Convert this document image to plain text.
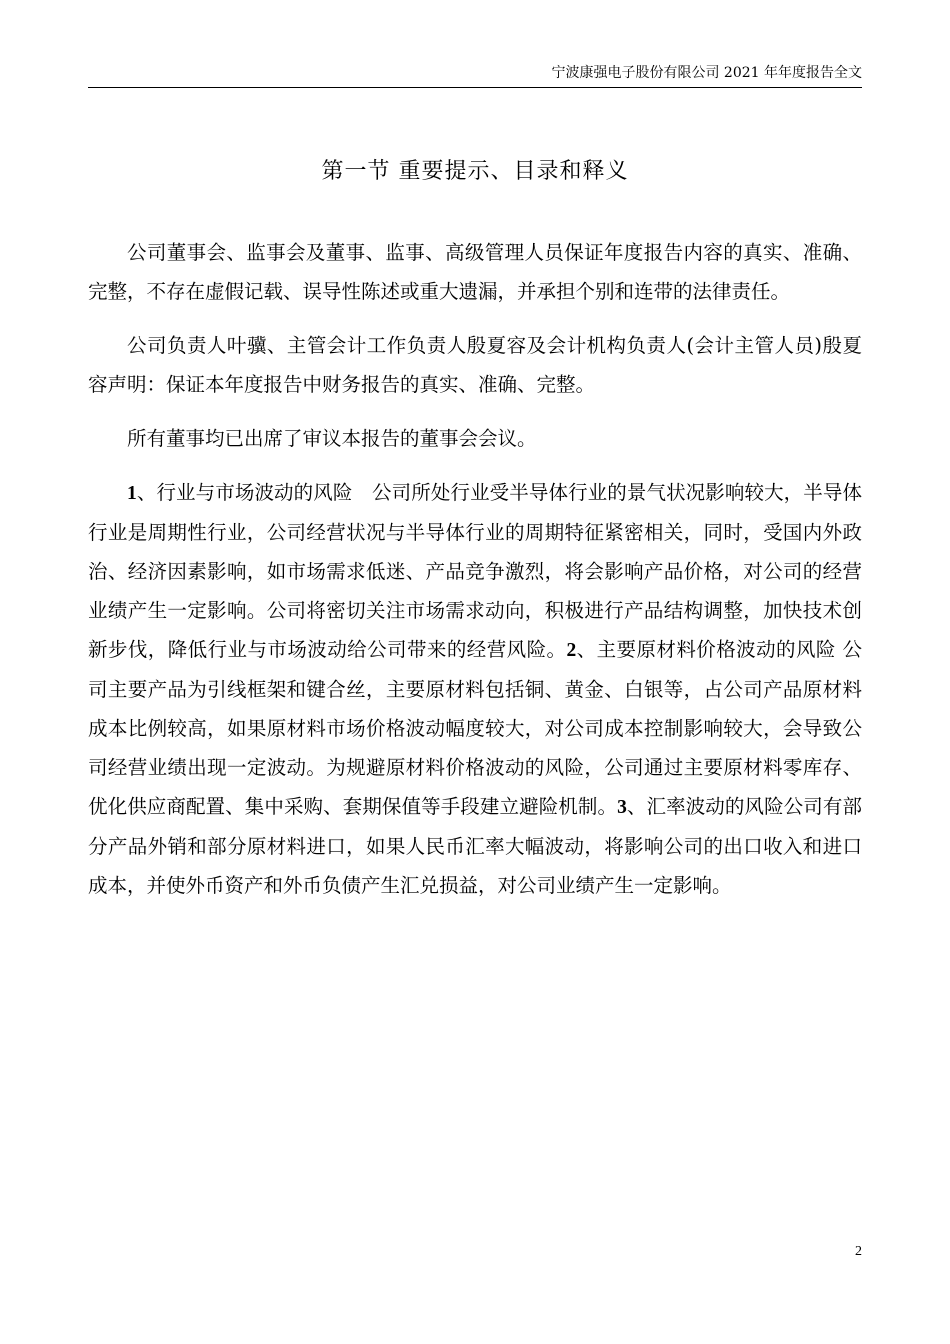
宁波康强电子股份有限公司 2021 年年度报告全文
第一节 重要提示、目录和释义

公司董事会、监事会及董事、监事、高级管理人员保证年度报告内容的真实、准确、完整，不存在虚假记载、误导性陈述或重大遗漏，并承担个别和连带的法律责任。

公司负责人叶骥、主管会计工作负责人殷夏容及会计机构负责人(会计主管人员)殷夏容声明：保证本年度报告中财务报告的真实、准确、完整。

所有董事均已出席了审议本报告的董事会会议。

1、行业与市场波动的风险　公司所处行业受半导体行业的景气状况影响较大，半导体行业是周期性行业，公司经营状况与半导体行业的周期特征紧密相关，同时，受国内外政治、经济因素影响，如市场需求低迷、产品竞争激烈，将会影响产品价格，对公司的经营业绩产生一定影响。公司将密切关注市场需求动向，积极进行产品结构调整，加快技术创新步伐，降低行业与市场波动给公司带来的经营风险。2、主要原材料价格波动的风险 公司主要产品为引线框架和键合丝，主要原材料包括铜、黄金、白银等，占公司产品原材料成本比例较高，如果原材料市场价格波动幅度较大，对公司成本控制影响较大，会导致公司经营业绩出现一定波动。为规避原材料价格波动的风险，公司通过主要原材料零库存、优化供应商配置、集中采购、套期保值等手段建立避险机制。3、汇率波动的风险公司有部分产品外销和部分原材料进口，如果人民币汇率大幅波动，将影响公司的出口收入和进口成本，并使外币资产和外币负债产生汇兑损益，对公司业绩产生一定影响。

2
